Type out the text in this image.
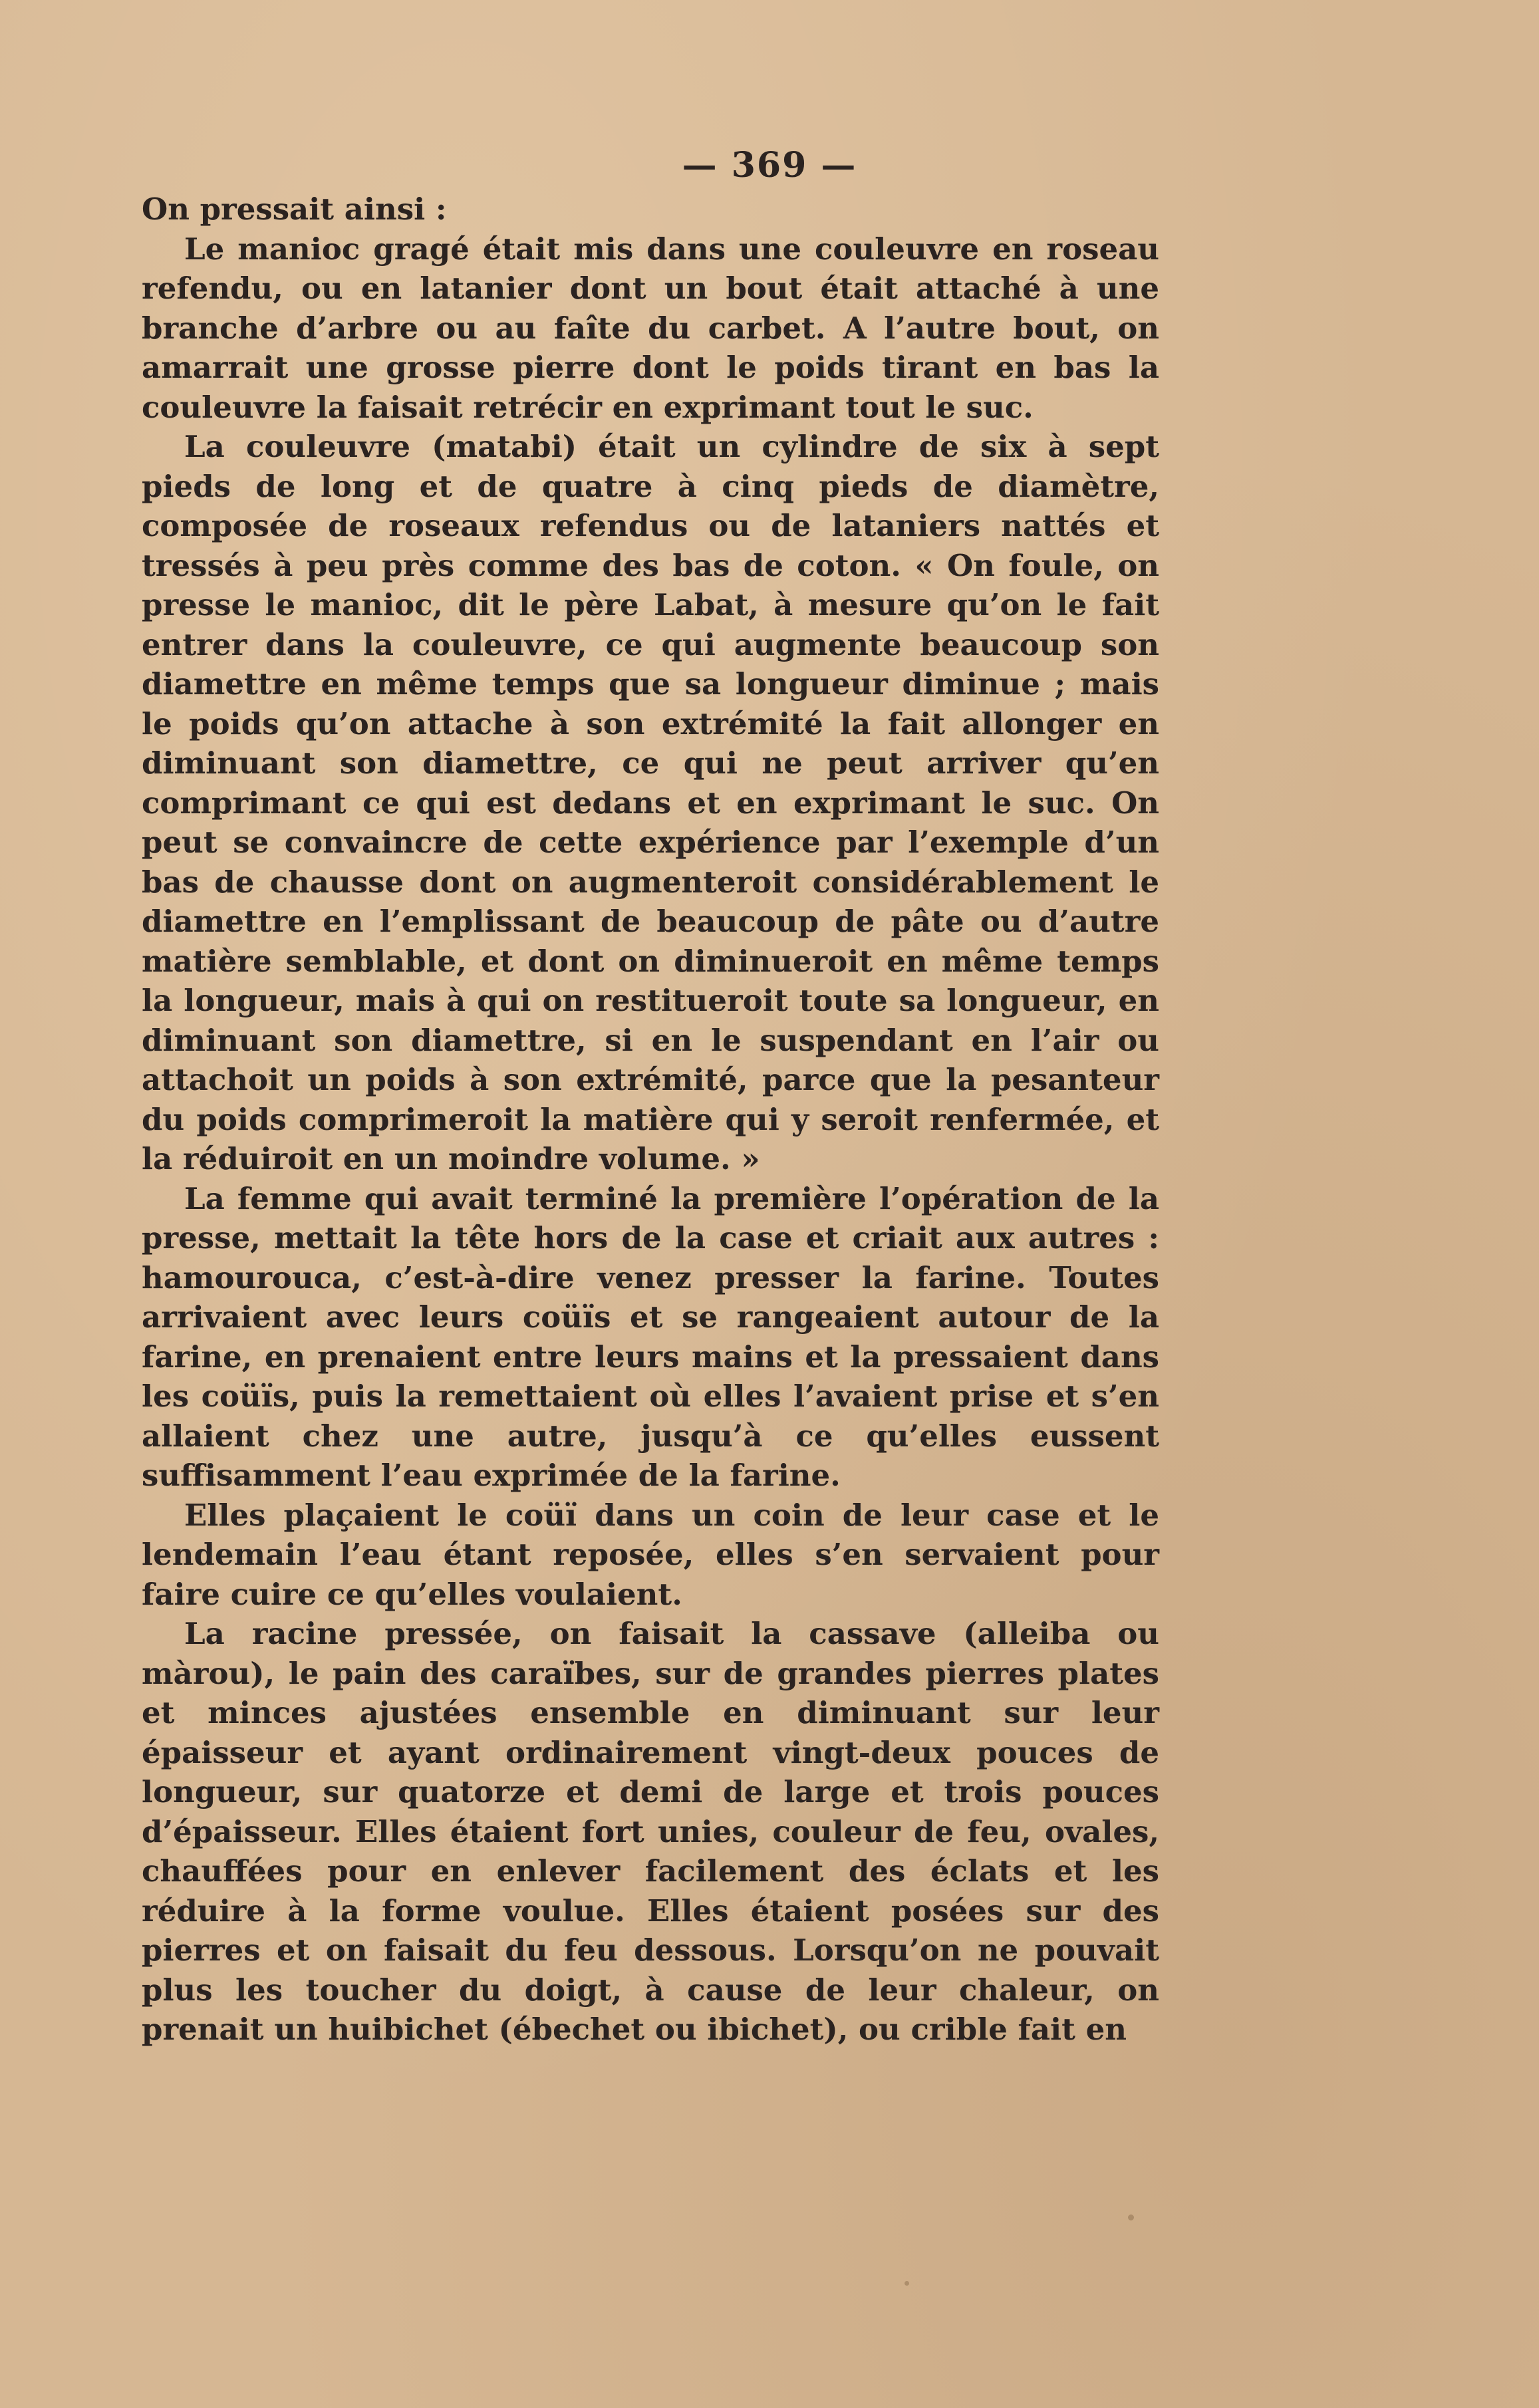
— 369 —

On pressait ainsi :

Le manioc gragé était mis dans une couleuvre en roseau refendu, ou en latanier dont un bout était attaché à une branche d’arbre ou au faîte du carbet. A l’autre bout, on amarrait une grosse pierre dont le poids tirant en bas la couleuvre la faisait retrécir en exprimant tout le suc.

La couleuvre (matabi) était un cylindre de six à sept pieds de long et de quatre à cinq pieds de diamètre, composée de roseaux refendus ou de lataniers nattés et tressés à peu près comme des bas de coton. « On foule, on presse le manioc, dit le père Labat, à mesure qu’on le fait entrer dans la couleuvre, ce qui augmente beaucoup son diamettre en même temps que sa longueur diminue ; mais le poids qu’on attache à son extrémité la fait allonger en diminuant son diamettre, ce qui ne peut arriver qu’en comprimant ce qui est dedans et en exprimant le suc. On peut se convaincre de cette expérience par l’exemple d’un bas de chausse dont on augmenteroit considérablement le diamettre en l’emplissant de beaucoup de pâte ou d’autre matière semblable, et dont on diminueroit en même temps la longueur, mais à qui on restitueroit toute sa longueur, en diminuant son diamettre, si en le suspendant en l’air ou attachoit un poids à son extrémité, parce que la pesanteur du poids comprimeroit la matière qui y seroit renfermée, et la réduiroit en un moindre volume. »

La femme qui avait terminé la première l’opération de la presse, mettait la tête hors de la case et criait aux autres : hamourouca, c’est-à-dire venez presser la farine. Toutes arrivaient avec leurs coüïs et se rangeaient autour de la farine, en prenaient entre leurs mains et la pressaient dans les coüïs, puis la remettaient où elles l’avaient prise et s’en allaient chez une autre, jusqu’à ce qu’elles eussent suffisamment l’eau exprimée de la farine.

Elles plaçaient le coüï dans un coin de leur case et le lendemain l’eau étant reposée, elles s’en servaient pour faire cuire ce qu’elles voulaient.

La racine pressée, on faisait la cassave (alleiba ou màrou), le pain des caraïbes, sur de grandes pierres plates et minces ajustées ensemble en diminuant sur leur épaisseur et ayant ordinairement vingt-deux pouces de longueur, sur quatorze et demi de large et trois pouces d’épaisseur. Elles étaient fort unies, couleur de feu, ovales, chauffées pour en enlever facilement des éclats et les réduire à la forme voulue. Elles étaient posées sur des pierres et on faisait du feu dessous. Lorsqu’on ne pouvait plus les toucher du doigt, à cause de leur chaleur, on prenait un huibichet (ébechet ou ibichet), ou crible fait en
